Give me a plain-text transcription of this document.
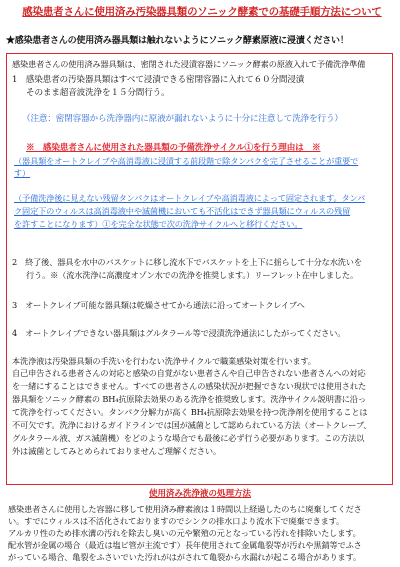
感染患者さんに使用済み汚染器具類のソニック酵素での基礎手順方法について
★感染患者さんの使用済み器具類は触れないようにソニック酵素原液に浸漬ください！
感染患者さんの使用済み器具類は、密閉された浸漬容器にソニック酵素の原液入れて予備洗浄準備
1　感染患者の汚染器具類はすべて浸漬できる密閉容器に入れて６０分間浸漬
そのまま超音波洗浄を１５分間行う。
（注意：密閉容器から洗浄器内に原液が漏れないように十分に注意して洗浄を行う）
※　感染患者さんに使用された器具類の予備洗浄サイクル①を行う理由は　※
（器具類をオートクレイブや高消毒液に浸漬する前段階で除タンパクを完了させることが重要で
す）
（予備洗浄後に見えない残留タンパクはオートクレイブや高消毒液によって固定されます。タンパ
ク固定下のウィルスは高消毒液中や滅菌機においても不活化はできず器具類にウィルスの残留
を許すことになります）①を完全な状態で次の洗浄サイクルへと移行ください。
2　終了後、器具を水中のバスケットに移し流水下でバスケットを上下に揺らして十分な水洗いを
行う。※（流水洗浄に高濃度オゾン水での洗浄を推奨します。）リーフレット在中しました。
3　オートクレイブ可能な器具類は乾燥させてから通法に沿ってオートクレイブへ
4　オートクレイブできない器具類はグルタラール等で浸漬洗浄通法にしたがってください。
本洗浄液は汚染器具類の手洗いを行わない洗浄サイクルで職業感染対策を行います。
自己申告される患者さんの対応と感染の自覚がない患者さんや自己申告されない患者さんへの対応
を一緒にすることはできません。すべての患者さんの感染状況が把握できない現状では使用された
器具類をソニック酵素の BH₄抗原除去効果のある洗浄を推奨致します。洗浄サイクル説明書に沿っ
て洗浄を行ってください。タンパク分解力が高く BH₄抗原除去効果を持つ洗浄剤を使用することは
不可欠です。洗浄におけるガイドラインでは国が滅菌として認められている方法（オートクレーブ、
グルタラール液、ガス滅菌機）をどのような場合でも最後に必ず行う必要があります。この方法以
外は滅菌としてみとめられておりませんご理解ください。
使用済み洗浄液の処理方法
感染患者さんに使用した容器に移して使用済み酵素液は１時間以上経過したのちに廃棄してくださ
い。すでにウィルスは不活化されておりますのでシンクの排水口より流水下で廃棄できます。
アルカリ性のため排水溝の汚れを除去し臭いの元や繁殖の元となっている汚れを排除いたします。
配水管が金属の場合（最近は塩ビ管が主流です）長年使用されて金属亀裂等が汚れや黒錆等でふさ
がっている場合、亀裂をふさいでいた汚れがはがされて亀裂から水漏れが起こる場合があります。
